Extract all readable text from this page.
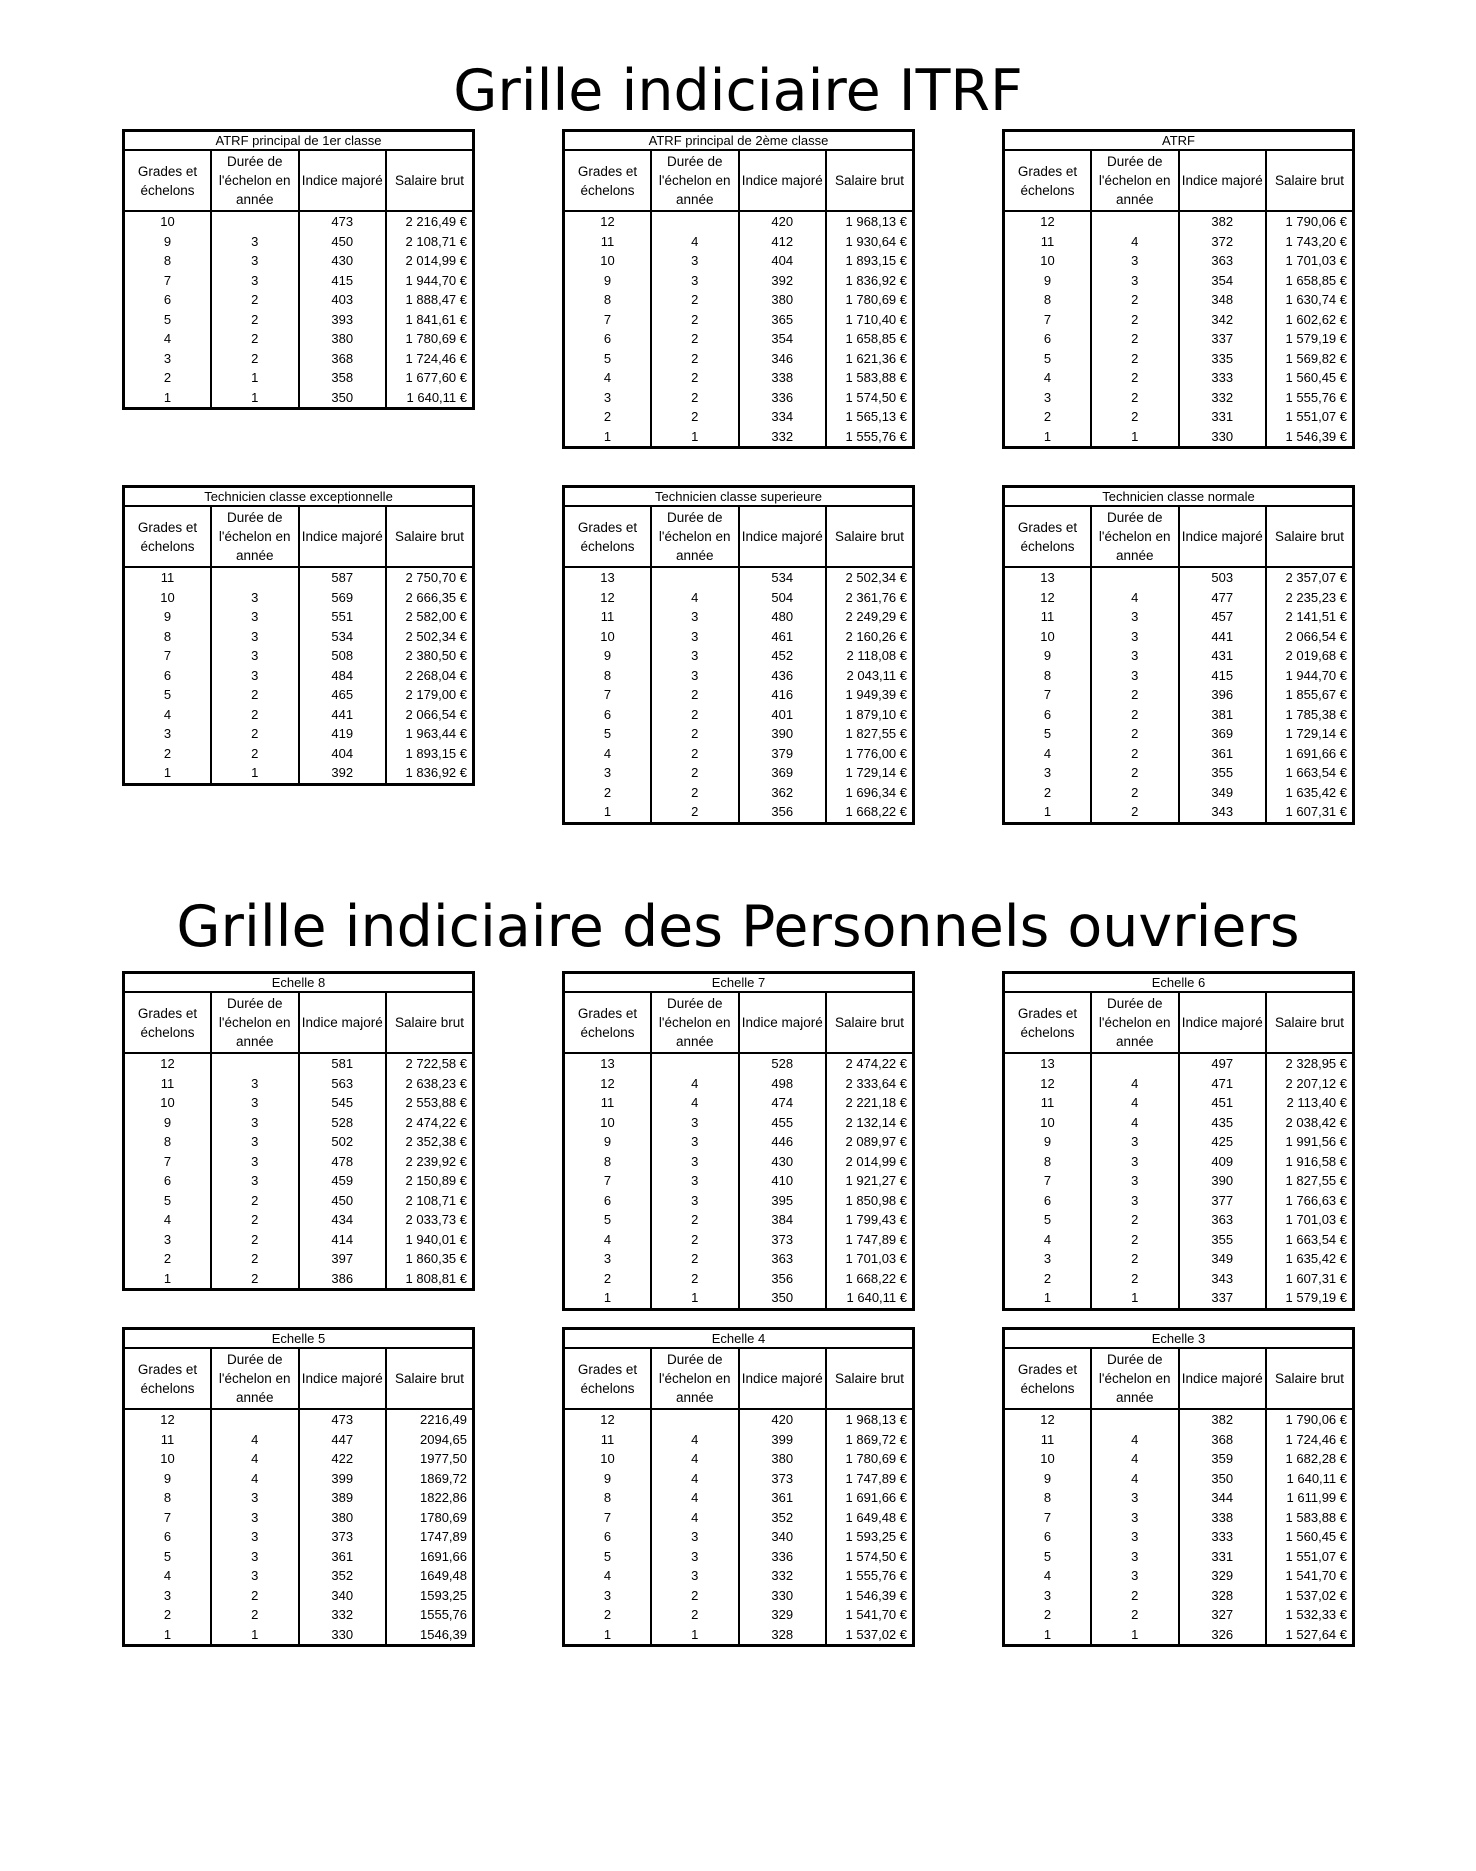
Grille indiciaire ITRF
Grille indiciaire des Personnels ouvriers
ATRF principal de 1er classe			
Grades et échelons	Durée de l'échelon en année	Indice majoré	Salaire brut
10		473	2 216,49 €
9	3	450	2 108,71 €
8	3	430	2 014,99 €
7	3	415	1 944,70 €
6	2	403	1 888,47 €
5	2	393	1 841,61 €
4	2	380	1 780,69 €
3	2	368	1 724,46 €
2	1	358	1 677,60 €
1	1	350	1 640,11 €
ATRF principal de 2ème classe			
Grades et échelons	Durée de l'échelon en année	Indice majoré	Salaire brut
12		420	1 968,13 €
11	4	412	1 930,64 €
10	3	404	1 893,15 €
9	3	392	1 836,92 €
8	2	380	1 780,69 €
7	2	365	1 710,40 €
6	2	354	1 658,85 €
5	2	346	1 621,36 €
4	2	338	1 583,88 €
3	2	336	1 574,50 €
2	2	334	1 565,13 €
1	1	332	1 555,76 €
ATRF			
Grades et échelons	Durée de l'échelon en année	Indice majoré	Salaire brut
12		382	1 790,06 €
11	4	372	1 743,20 €
10	3	363	1 701,03 €
9	3	354	1 658,85 €
8	2	348	1 630,74 €
7	2	342	1 602,62 €
6	2	337	1 579,19 €
5	2	335	1 569,82 €
4	2	333	1 560,45 €
3	2	332	1 555,76 €
2	2	331	1 551,07 €
1	1	330	1 546,39 €
Technicien classe exceptionnelle			
Grades et échelons	Durée de l'échelon en année	Indice majoré	Salaire brut
11		587	2 750,70 €
10	3	569	2 666,35 €
9	3	551	2 582,00 €
8	3	534	2 502,34 €
7	3	508	2 380,50 €
6	3	484	2 268,04 €
5	2	465	2 179,00 €
4	2	441	2 066,54 €
3	2	419	1 963,44 €
2	2	404	1 893,15 €
1	1	392	1 836,92 €
Technicien classe superieure			
Grades et échelons	Durée de l'échelon en année	Indice majoré	Salaire brut
13		534	2 502,34 €
12	4	504	2 361,76 €
11	3	480	2 249,29 €
10	3	461	2 160,26 €
9	3	452	2 118,08 €
8	3	436	2 043,11 €
7	2	416	1 949,39 €
6	2	401	1 879,10 €
5	2	390	1 827,55 €
4	2	379	1 776,00 €
3	2	369	1 729,14 €
2	2	362	1 696,34 €
1	2	356	1 668,22 €
Technicien classe normale			
Grades et échelons	Durée de l'échelon en année	Indice majoré	Salaire brut
13		503	2 357,07 €
12	4	477	2 235,23 €
11	3	457	2 141,51 €
10	3	441	2 066,54 €
9	3	431	2 019,68 €
8	3	415	1 944,70 €
7	2	396	1 855,67 €
6	2	381	1 785,38 €
5	2	369	1 729,14 €
4	2	361	1 691,66 €
3	2	355	1 663,54 €
2	2	349	1 635,42 €
1	2	343	1 607,31 €
Echelle 8			
Grades et échelons	Durée de l'échelon en année	Indice majoré	Salaire brut
12		581	2 722,58 €
11	3	563	2 638,23 €
10	3	545	2 553,88 €
9	3	528	2 474,22 €
8	3	502	2 352,38 €
7	3	478	2 239,92 €
6	3	459	2 150,89 €
5	2	450	2 108,71 €
4	2	434	2 033,73 €
3	2	414	1 940,01 €
2	2	397	1 860,35 €
1	2	386	1 808,81 €
Echelle 7			
Grades et échelons	Durée de l'échelon en année	Indice majoré	Salaire brut
13		528	2 474,22 €
12	4	498	2 333,64 €
11	4	474	2 221,18 €
10	3	455	2 132,14 €
9	3	446	2 089,97 €
8	3	430	2 014,99 €
7	3	410	1 921,27 €
6	3	395	1 850,98 €
5	2	384	1 799,43 €
4	2	373	1 747,89 €
3	2	363	1 701,03 €
2	2	356	1 668,22 €
1	1	350	1 640,11 €
Echelle 6			
Grades et échelons	Durée de l'échelon en année	Indice majoré	Salaire brut
13		497	2 328,95 €
12	4	471	2 207,12 €
11	4	451	2 113,40 €
10	4	435	2 038,42 €
9	3	425	1 991,56 €
8	3	409	1 916,58 €
7	3	390	1 827,55 €
6	3	377	1 766,63 €
5	2	363	1 701,03 €
4	2	355	1 663,54 €
3	2	349	1 635,42 €
2	2	343	1 607,31 €
1	1	337	1 579,19 €
Echelle 5			
Grades et échelons	Durée de l'échelon en année	Indice majoré	Salaire brut
12		473	2216,49
11	4	447	2094,65
10	4	422	1977,50
9	4	399	1869,72
8	3	389	1822,86
7	3	380	1780,69
6	3	373	1747,89
5	3	361	1691,66
4	3	352	1649,48
3	2	340	1593,25
2	2	332	1555,76
1	1	330	1546,39
Echelle 4			
Grades et échelons	Durée de l'échelon en année	Indice majoré	Salaire brut
12		420	1 968,13 €
11	4	399	1 869,72 €
10	4	380	1 780,69 €
9	4	373	1 747,89 €
8	4	361	1 691,66 €
7	4	352	1 649,48 €
6	3	340	1 593,25 €
5	3	336	1 574,50 €
4	3	332	1 555,76 €
3	2	330	1 546,39 €
2	2	329	1 541,70 €
1	1	328	1 537,02 €
Echelle 3			
Grades et échelons	Durée de l'échelon en année	Indice majoré	Salaire brut
12		382	1 790,06 €
11	4	368	1 724,46 €
10	4	359	1 682,28 €
9	4	350	1 640,11 €
8	3	344	1 611,99 €
7	3	338	1 583,88 €
6	3	333	1 560,45 €
5	3	331	1 551,07 €
4	3	329	1 541,70 €
3	2	328	1 537,02 €
2	2	327	1 532,33 €
1	1	326	1 527,64 €
